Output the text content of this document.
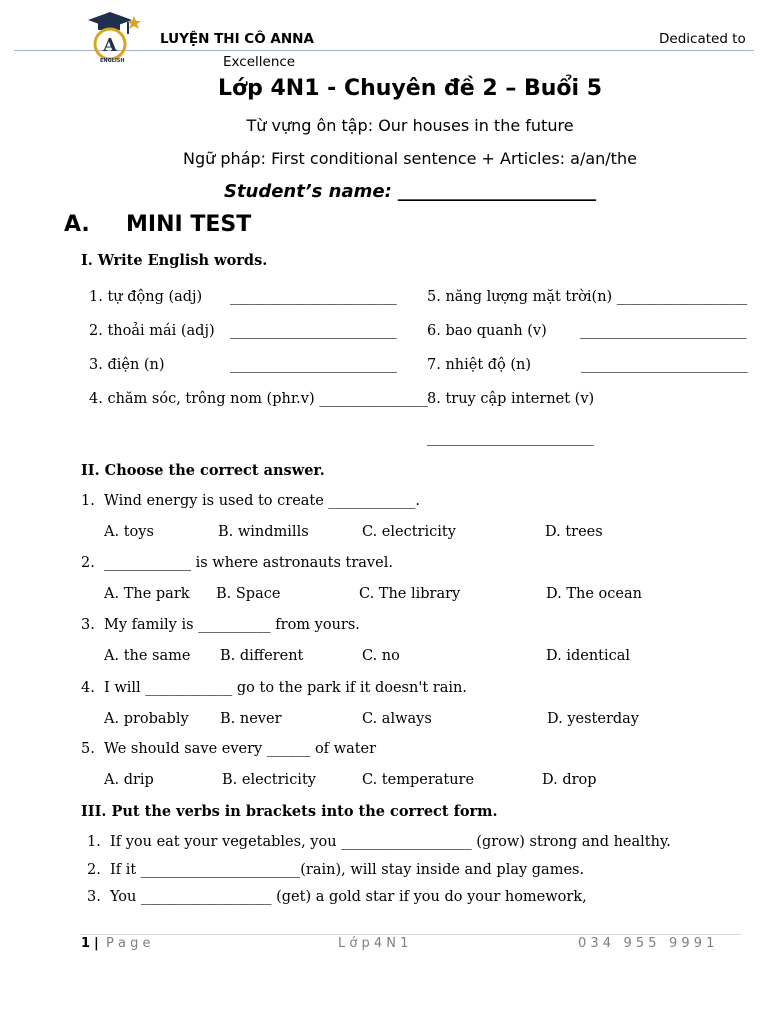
A
ENGLISH
LUYỆN THI CÔ ANNA	Dedicated to
Excellence
Lớp 4N1 - Chuyên đề 2 – Buổi 5
Từ vựng ôn tập: Our houses in the future
Ngữ pháp: First conditional sentence + Articles: a/an/the
Student’s name: ______________________
A. MINI TEST
I. Write English words.
1. tự động (adj) _______________________
2. thoải mái (adj) _______________________
3. điện (n)	_______________________
4. chăm sóc, trông nom (phr.v) _______________
5. năng lượng mặt trời(n) __________________
6. bao quanh (v) _______________________
7. nhiệt độ (n)	_______________________
8. truy cập internet (v)
_______________________
II. Choose the correct answer.
1. Wind energy is used to create ____________.
A. toys	B. windmills	C. electricity	D. trees
2. ____________ is where astronauts travel.
A. The park B. Space	C. The library	D. The ocean
3. My family is __________ from yours.
A. the same B. different	C. no	D. identical
4. I will ____________ go to the park if it doesn't rain.
A. probably B. never	C. always	D. yesterday
5. We should save every ______ of water
A. drip	B. electricity	C. temperature	D. drop
III. Put the verbs in brackets into the correct form.
1. If you eat your vegetables, you __________________ (grow) strong and healthy.
2. If it ______________________(rain), will stay inside and play games.
3. You __________________ (get) a gold star if you do your homework,
1 | P a g e	L ớ p 4 N 1	0 3 4   9 5 5   9 9 9 1
